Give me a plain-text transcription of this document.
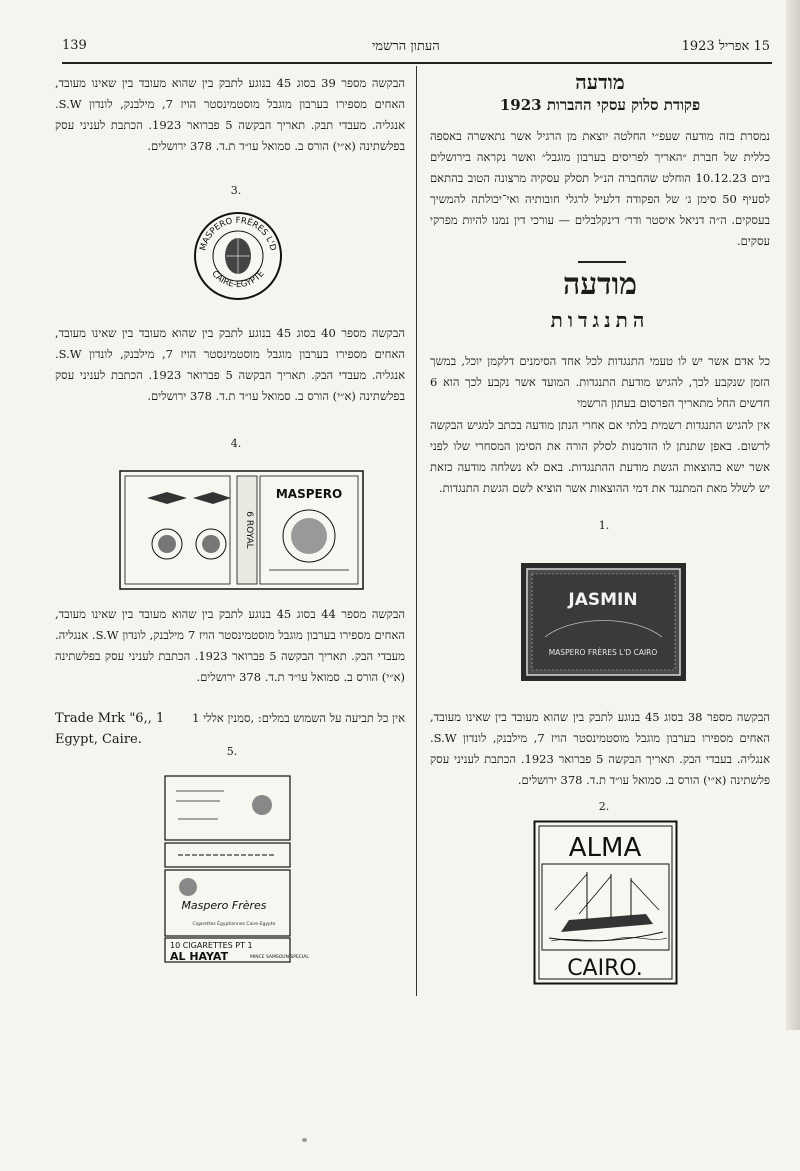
139	העתון הרשמי	15 אפריל 1923
מודעה
פקודת סלוק עסקי ההברות 1923
נמסרת בזה מודעה שעפ״י החלטה יוצאת מן הרגיל אשר נתאשרה באספה כללית של חברת ״האריך לפריסים בערבון מוגבל״ ואשר נקראה בירושלים ביום 10.12.23 הוחלט שהחברה הנ״ל תסלק עסקיה מרצונה הטוב בהתאם לסעיף 50 סימן ג׳ של הפקודה דלעיל לרגלי חובותיה ואי־יכולתה להמשיך בעסקים. ה״ה דניאל איסטר ודר׳ דינקלבלים — עורכי דין נמנו להיות מפרקי עסקים.
מודעה
התנגדות
כל אדם אשר יש לו טעמי התנגדות לכל אחד הסימנים דלקמן יוכל, במשך הזמן שנקבע לכך, להגיש מודעת התנגדות. המועד אשר נקבע לכך הוא 6 חדשים החל מתאריך הפרסום בעתון הרשמי
אין להגיש התנגדות רשמית בלתי אם אחרי הנתן מודעה בכתב למגיש הבקשה לרשום. באפן שתנתן לו הזדמנות לסלק הורה את הסימן המסחרי שלו לפני אשר ישא בהוצאות הגשת מודעת ההתנגדות. באם לא נשלחה מודעה כזאת יש לשלל מאת המתנגד את דמי ההוצאות אשר הוציא לשם הגשת התנגדות.
1.
JASMIN
MASPERO FRÈRES L'D CAIRO
הבקשה מספר 38 בסוג 45 בנוגע לתבק בין שהוא מעובד בין שאינו מעובד, האחים מספירו בערבון מוגבל מוסטמינסטר הויז 7, מילבנק, לונדון S.W. אנגליה. בעבדי הבק. תאריך הבקשה 5 פברואר 1923. הכתבת לעניני עסק פלשתינה (א״י) הורס ב. סמואל עו״ד ת.ד. 378 ירושלים.
2.
ALMA
CAIRO.
הבקשה מספר 39 בסוג 45 בנוגע לתבק בין שהוא מעובד בין שאינו מעובד, האחים מספירו בערבון מוגבל מוסטמינסטר הויז 7, מילבנק, לונדון S.W. אנגליה. מעבדי תבק. תאריך הבקשה 5 פברואר 1923. הכתבת לעניני עסק בפלשתינה (א״י) הורס ב. סמואל עו״ד ת.ד. 378 ירושלים.
3.
MASPERO FRÈRES L'D
CAIRE-EGYPTE
הבקשה מספר 40 בסוג 45 בנוגע לתבק בין שהוא מעובד בין שאינו מעובד, האחים מספירו בערבון מוגבל מוסטמינסטר הויז 7, מילבנק, לונדון S.W. אנגליה. מעבדי הבק. תאריך הבקשה 5 פברואר 1923. הכתבת לעניני עסק בפלשתינה (א״י) הורס ב. סמואל עו״ד ת.ד. 378 ירושלים.
4.
6 ROYAL
MASPERO
הבקשה מספר 44 בסוג 45 בנוגע לתבק בין שהוא מעובד בין שאינו מעובד, האחים מספירו בערבון מוגבל מוסטמינסטר הויז 7 מילבנק, לונדון S.W. אנגליה. מעבדי הבק. תאריך הבקשה 5 פברואר 1923. הכתבת לעניני עסק בפלשתינה (א״י) הורס ב. סמואל עו״ד ת.ד. 378 ירושלים.
Trade Mrk "6,, 1 אין כל תביעה על השמוש במלים: ,סמנין אללי 1
Egypt, Caire.
5.
Maspero Frères
Cigarettes Égyptiennes Caire-Egypte
10 CIGARETTES PT 1
AL HAYAT	MINCE SAMSOUN SPECIAL
